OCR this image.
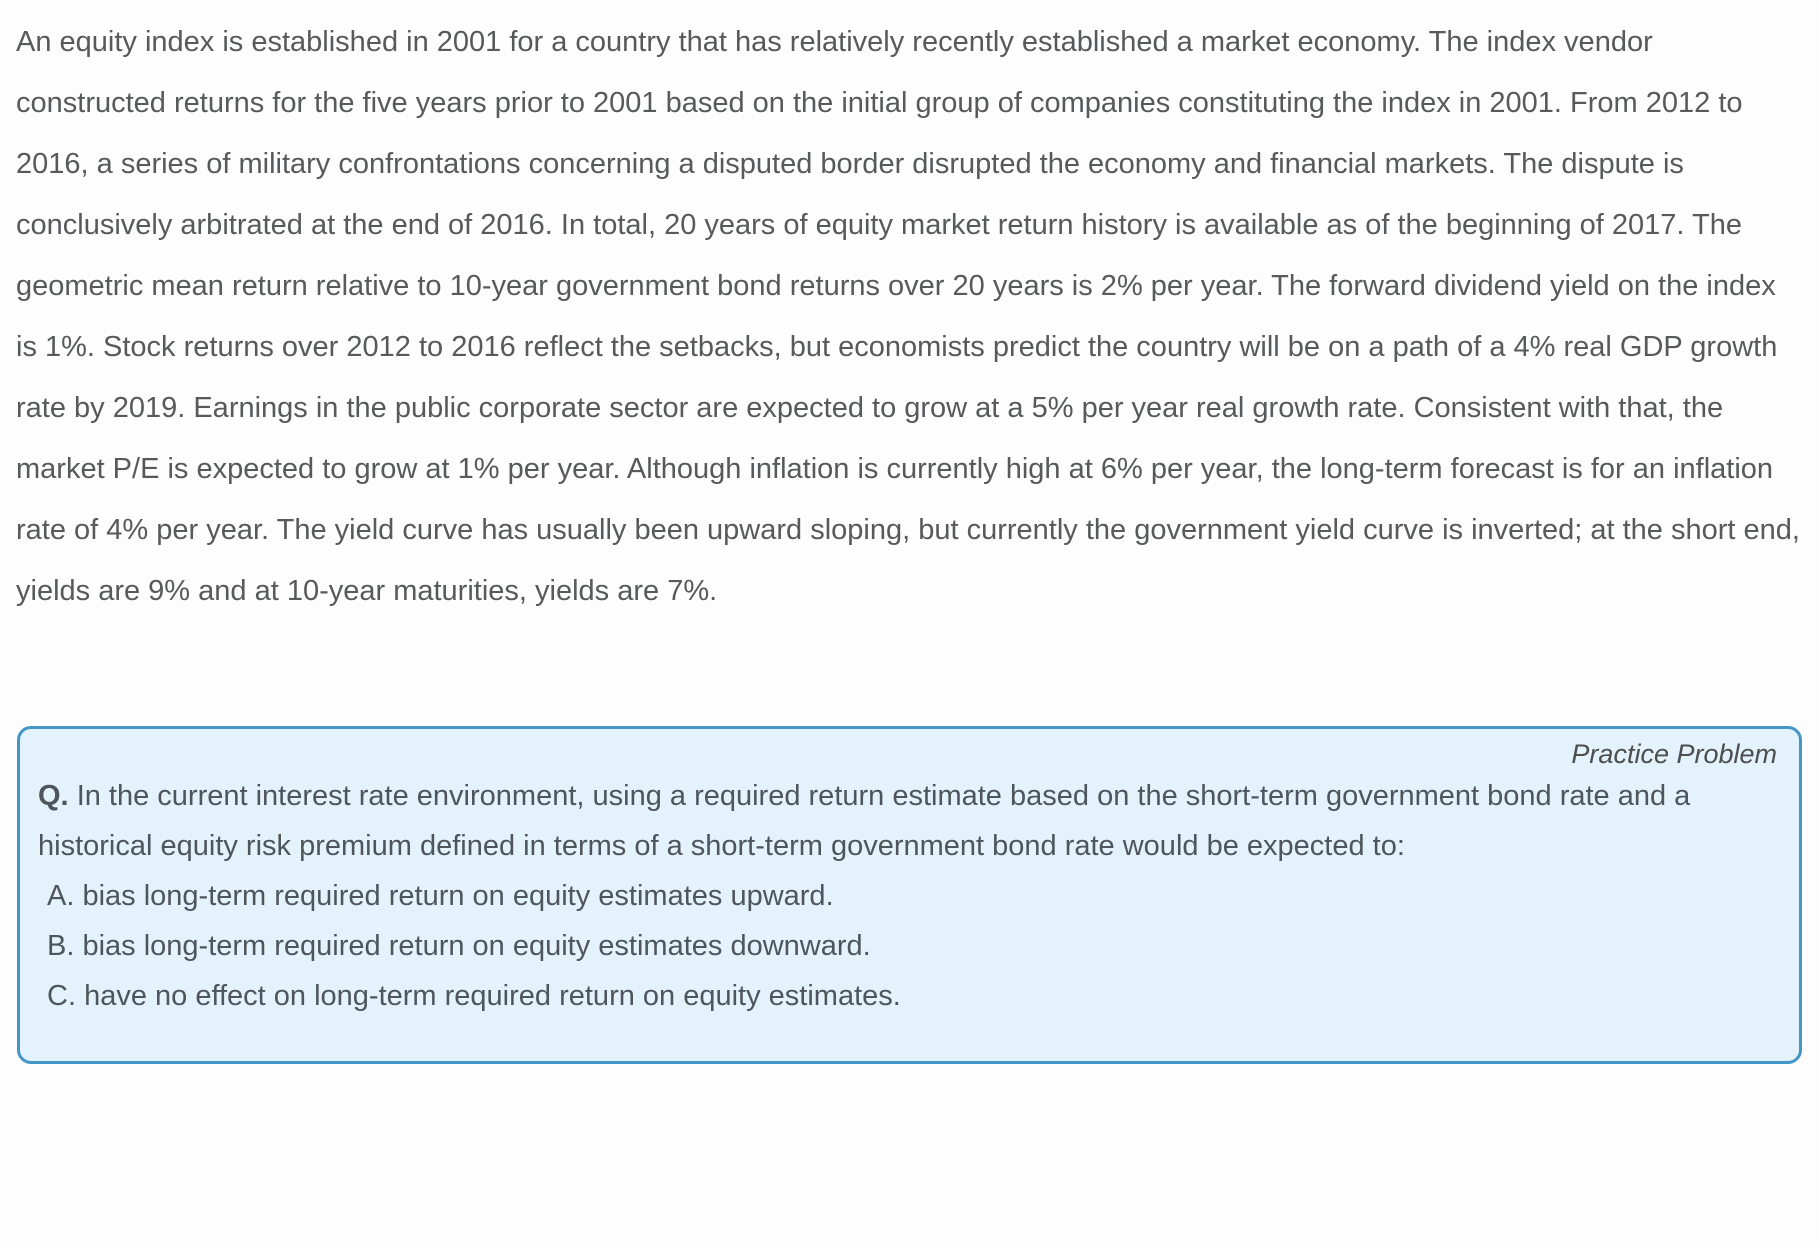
An equity index is established in 2001 for a country that has relatively recently established a market economy. The index vendor constructed returns for the five years prior to 2001 based on the initial group of companies constituting the index in 2001. From 2012 to 2016, a series of military confrontations concerning a disputed border disrupted the economy and financial markets. The dispute is conclusively arbitrated at the end of 2016. In total, 20 years of equity market return history is available as of the beginning of 2017. The geometric mean return relative to 10-year government bond returns over 20 years is 2% per year. The forward dividend yield on the index is 1%. Stock returns over 2012 to 2016 reflect the setbacks, but economists predict the country will be on a path of a 4% real GDP growth rate by 2019. Earnings in the public corporate sector are expected to grow at a 5% per year real growth rate. Consistent with that, the market P/E is expected to grow at 1% per year. Although inflation is currently high at 6% per year, the long-term forecast is for an inflation rate of 4% per year. The yield curve has usually been upward sloping, but currently the government yield curve is inverted; at the short end, yields are 9% and at 10-year maturities, yields are 7%.

Practice Problem

Q. In the current interest rate environment, using a required return estimate based on the short-term government bond rate and a historical equity risk premium defined in terms of a short-term government bond rate would be expected to:

A. bias long-term required return on equity estimates upward.
B. bias long-term required return on equity estimates downward.
C. have no effect on long-term required return on equity estimates.
